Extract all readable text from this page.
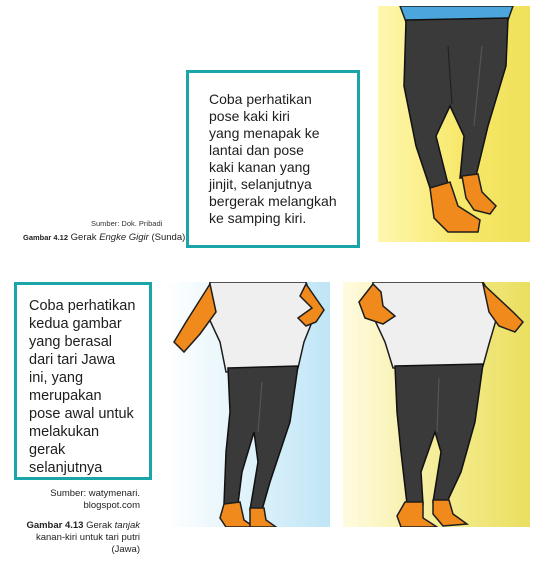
Coba perhatikan
pose kaki kiri
yang menapak ke
lantai dan pose
kaki kanan yang
jinjit, selanjutnya
bergerak melangkah
ke samping kiri.

Sumber: Dok. Pribadi
Gambar 4.12 Gerak Engke Gigir (Sunda)

Coba perhatikan
kedua gambar
yang berasal
dari tari Jawa
ini, yang
merupakan
pose awal untuk
melakukan
gerak
selanjutnya

Sumber: watymenari.
blogspot.com
Gambar 4.13 Gerak tanjak
kanan-kiri untuk tari putri
(Jawa)
